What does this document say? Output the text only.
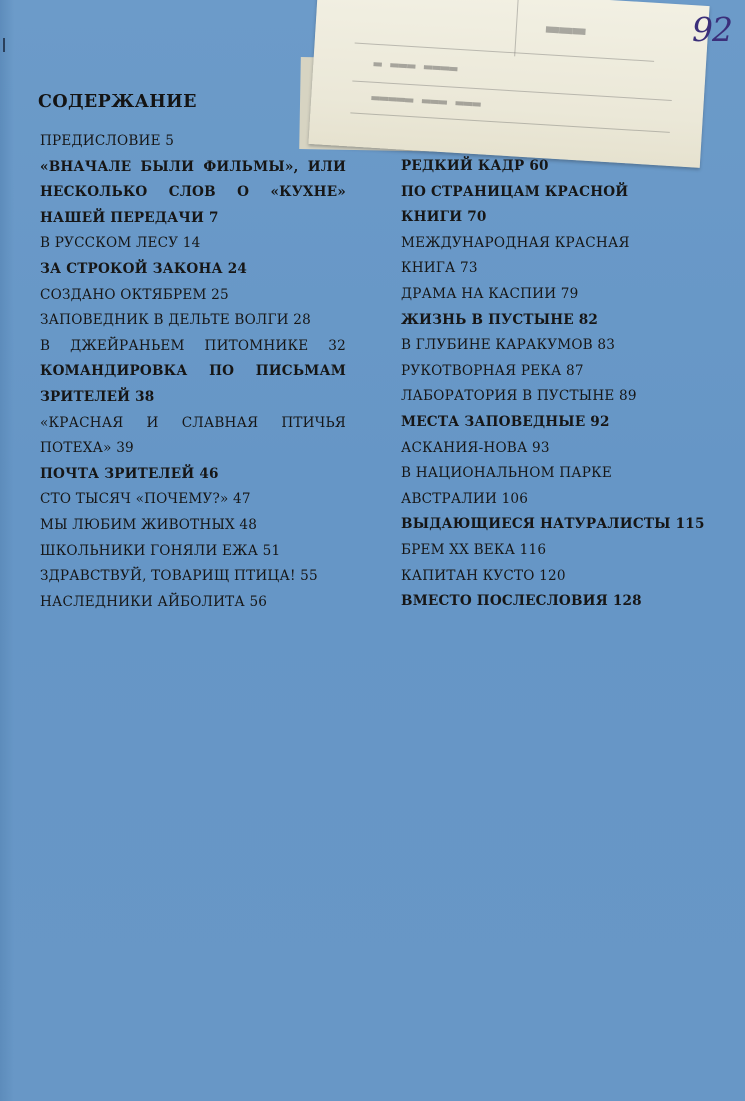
▬ ▬▬▬ ▬▬▬▬
▬▬▬▬▬ ▬▬▬ ▬▬▬
▬▬▬	92
СОДЕРЖАНИЕ
ПРЕДИСЛОВИЕ 5
«ВНАЧАЛЕ БЫЛИ ФИЛЬМЫ», ИЛИ
НЕСКОЛЬКО СЛОВ О «КУХНЕ»
НАШЕЙ ПЕРЕДАЧИ 7
В РУССКОМ ЛЕСУ 14
ЗА СТРОКОЙ ЗАКОНА 24
СОЗДАНО ОКТЯБРЕМ 25
ЗАПОВЕДНИК В ДЕЛЬТЕ ВОЛГИ 28
В ДЖЕЙРАНЬЕМ ПИТОМНИКЕ 32
КОМАНДИРОВКА ПО ПИСЬМАМ
ЗРИТЕЛЕЙ 38
«КРАСНАЯ И СЛАВНАЯ ПТИЧЬЯ
ПОТЕХА» 39
ПОЧТА ЗРИТЕЛЕЙ 46
СТО ТЫСЯЧ «ПОЧЕМУ?» 47
МЫ ЛЮБИМ ЖИВОТНЫХ 48
ШКОЛЬНИКИ ГОНЯЛИ ЕЖА 51
ЗДРАВСТВУЙ, ТОВАРИЩ ПТИЦА! 55
НАСЛЕДНИКИ АЙБОЛИТА 56
РЕДКИЙ КАДР 60
ПО СТРАНИЦАМ КРАСНОЙ
КНИГИ 70
МЕЖДУНАРОДНАЯ КРАСНАЯ
КНИГА 73
ДРАМА НА КАСПИИ 79
ЖИЗНЬ В ПУСТЫНЕ 82
В ГЛУБИНЕ КАРАКУМОВ 83
РУКОТВОРНАЯ РЕКА 87
ЛАБОРАТОРИЯ В ПУСТЫНЕ 89
МЕСТА ЗАПОВЕДНЫЕ 92
АСКАНИЯ-НОВА 93
В НАЦИОНАЛЬНОМ ПАРКЕ
АВСТРАЛИИ 106
ВЫДАЮЩИЕСЯ НАТУРАЛИСТЫ 115
БРЕМ XX ВЕКА 116
КАПИТАН КУСТО 120
ВМЕСТО ПОСЛЕСЛОВИЯ 128
